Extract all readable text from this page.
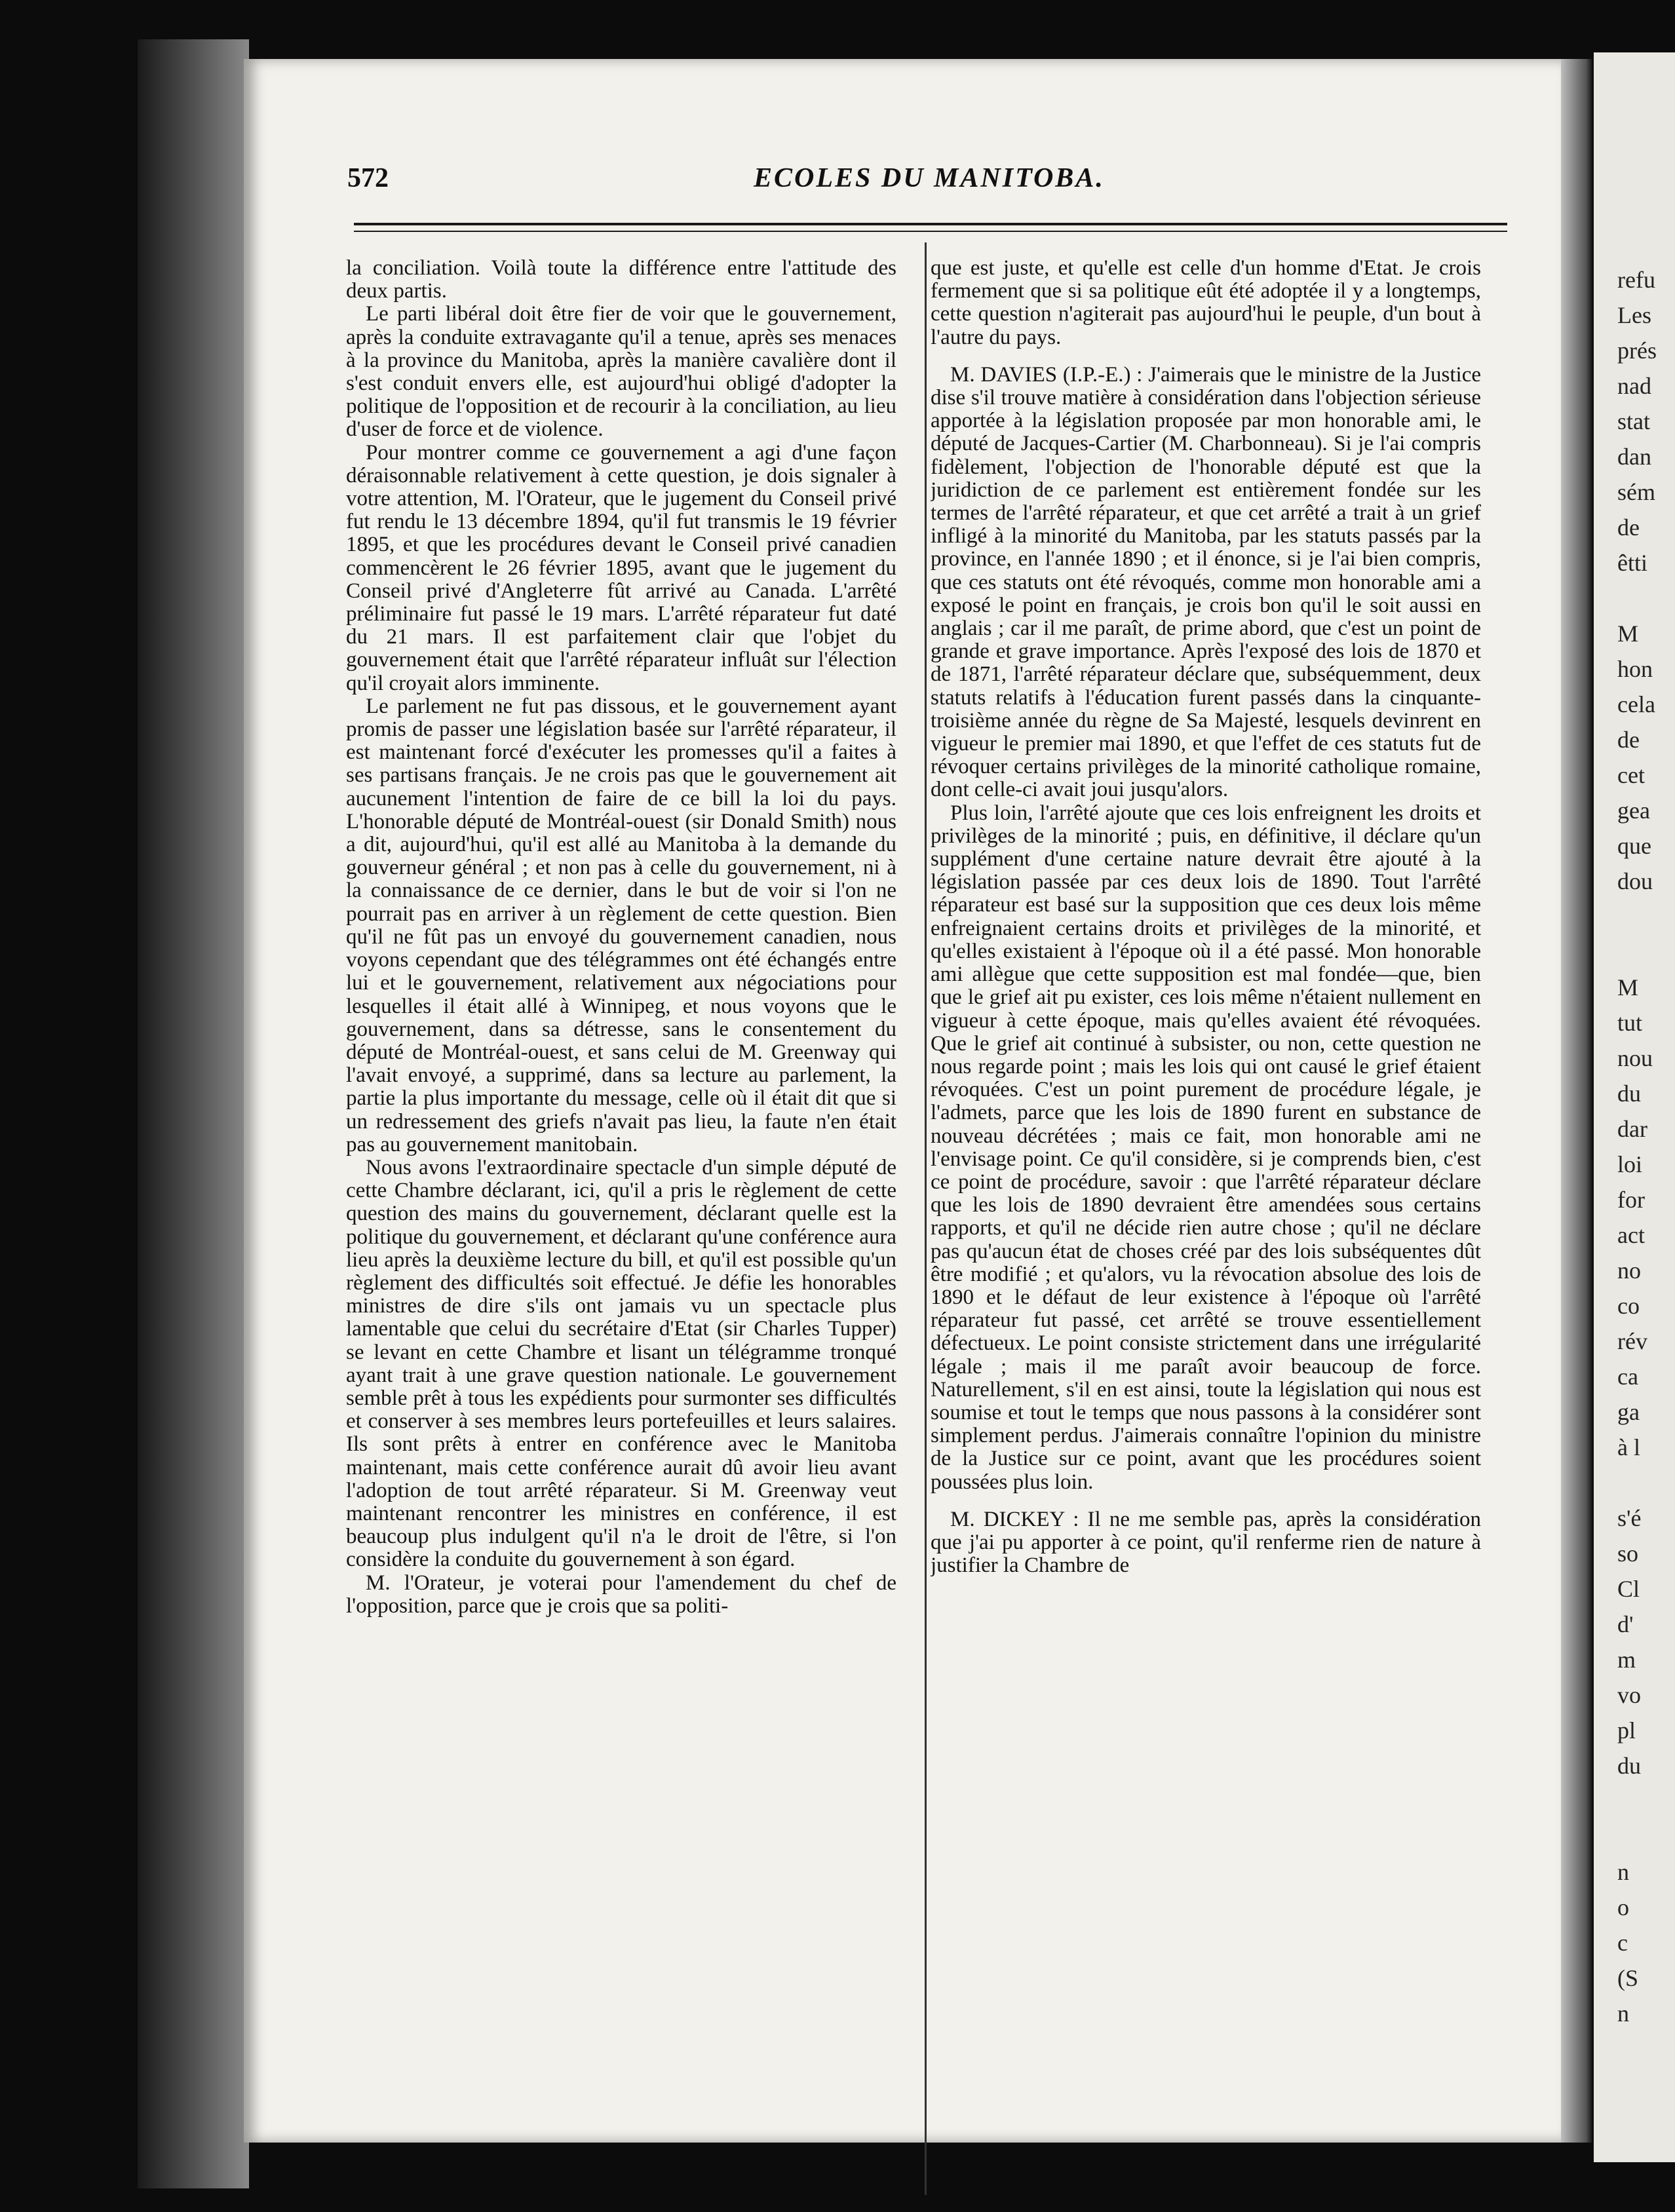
refu
Les
prés
nad
stat
dan
sém
de
êtti

M
hon
cela
de
cet
gea
que
dou

M
tut
nou
du
dar
loi
for
act
no
co
rév
ca
ga
à l

s'é
so
Cl
d'
m
vo
pl
du

n
o
c
(S
n
572	ECOLES DU MANITOBA.

la conciliation. Voilà toute la différence entre l'attitude des deux partis.

Le parti libéral doit être fier de voir que le gouvernement, après la conduite extravagante qu'il a tenue, après ses menaces à la province du Manitoba, après la manière cavalière dont il s'est conduit envers elle, est aujourd'hui obligé d'adopter la politique de l'opposition et de recourir à la conciliation, au lieu d'user de force et de violence.

Pour montrer comme ce gouvernement a agi d'une façon déraisonnable relativement à cette question, je dois signaler à votre attention, M. l'Orateur, que le jugement du Conseil privé fut rendu le 13 décembre 1894, qu'il fut transmis le 19 février 1895, et que les procédures devant le Conseil privé canadien commencèrent le 26 février 1895, avant que le jugement du Conseil privé d'Angleterre fût arrivé au Canada. L'arrêté préliminaire fut passé le 19 mars. L'arrêté réparateur fut daté du 21 mars. Il est parfaitement clair que l'objet du gouvernement était que l'arrêté réparateur influât sur l'élection qu'il croyait alors imminente.

Le parlement ne fut pas dissous, et le gouvernement ayant promis de passer une législation basée sur l'arrêté réparateur, il est maintenant forcé d'exécuter les promesses qu'il a faites à ses partisans français. Je ne crois pas que le gouvernement ait aucunement l'intention de faire de ce bill la loi du pays. L'honorable député de Montréal-ouest (sir Donald Smith) nous a dit, aujourd'hui, qu'il est allé au Manitoba à la demande du gouverneur général ; et non pas à celle du gouvernement, ni à la connaissance de ce dernier, dans le but de voir si l'on ne pourrait pas en arriver à un règlement de cette question. Bien qu'il ne fût pas un envoyé du gouvernement canadien, nous voyons cependant que des télégrammes ont été échangés entre lui et le gouvernement, relativement aux négociations pour lesquelles il était allé à Winnipeg, et nous voyons que le gouvernement, dans sa détresse, sans le consentement du député de Montréal-ouest, et sans celui de M. Greenway qui l'avait envoyé, a supprimé, dans sa lecture au parlement, la partie la plus importante du message, celle où il était dit que si un redressement des griefs n'avait pas lieu, la faute n'en était pas au gouvernement manitobain.

Nous avons l'extraordinaire spectacle d'un simple député de cette Chambre déclarant, ici, qu'il a pris le règlement de cette question des mains du gouvernement, déclarant quelle est la politique du gouvernement, et déclarant qu'une conférence aura lieu après la deuxième lecture du bill, et qu'il est possible qu'un règlement des difficultés soit effectué. Je défie les honorables ministres de dire s'ils ont jamais vu un spectacle plus lamentable que celui du secrétaire d'Etat (sir Charles Tupper) se levant en cette Chambre et lisant un télégramme tronqué ayant trait à une grave question nationale. Le gouvernement semble prêt à tous les expédients pour surmonter ses difficultés et conserver à ses membres leurs portefeuilles et leurs salaires. Ils sont prêts à entrer en conférence avec le Manitoba maintenant, mais cette conférence aurait dû avoir lieu avant l'adoption de tout arrêté réparateur. Si M. Greenway veut maintenant rencontrer les ministres en conférence, il est beaucoup plus indulgent qu'il n'a le droit de l'être, si l'on considère la conduite du gouvernement à son égard.

M. l'Orateur, je voterai pour l'amendement du chef de l'opposition, parce que je crois que sa politi-

que est juste, et qu'elle est celle d'un homme d'Etat. Je crois fermement que si sa politique eût été adoptée il y a longtemps, cette question n'agiterait pas aujourd'hui le peuple, d'un bout à l'autre du pays.

M. DAVIES (I.P.-E.) : J'aimerais que le ministre de la Justice dise s'il trouve matière à considération dans l'objection sérieuse apportée à la législation proposée par mon honorable ami, le député de Jacques-Cartier (M. Charbonneau). Si je l'ai compris fidèlement, l'objection de l'honorable député est que la juridiction de ce parlement est entièrement fondée sur les termes de l'arrêté réparateur, et que cet arrêté a trait à un grief infligé à la minorité du Manitoba, par les statuts passés par la province, en l'année 1890 ; et il énonce, si je l'ai bien compris, que ces statuts ont été révoqués, comme mon honorable ami a exposé le point en français, je crois bon qu'il le soit aussi en anglais ; car il me paraît, de prime abord, que c'est un point de grande et grave importance. Après l'exposé des lois de 1870 et de 1871, l'arrêté réparateur déclare que, subséquemment, deux statuts relatifs à l'éducation furent passés dans la cinquante-troisième année du règne de Sa Majesté, lesquels devinrent en vigueur le premier mai 1890, et que l'effet de ces statuts fut de révoquer certains privilèges de la minorité catholique romaine, dont celle-ci avait joui jusqu'alors.

Plus loin, l'arrêté ajoute que ces lois enfreignent les droits et privilèges de la minorité ; puis, en définitive, il déclare qu'un supplément d'une certaine nature devrait être ajouté à la législation passée par ces deux lois de 1890. Tout l'arrêté réparateur est basé sur la supposition que ces deux lois même enfreignaient certains droits et privilèges de la minorité, et qu'elles existaient à l'époque où il a été passé. Mon honorable ami allègue que cette supposition est mal fondée—que, bien que le grief ait pu exister, ces lois même n'étaient nullement en vigueur à cette époque, mais qu'elles avaient été révoquées. Que le grief ait continué à subsister, ou non, cette question ne nous regarde point ; mais les lois qui ont causé le grief étaient révoquées. C'est un point purement de procédure légale, je l'admets, parce que les lois de 1890 furent en substance de nouveau décrétées ; mais ce fait, mon honorable ami ne l'envisage point. Ce qu'il considère, si je comprends bien, c'est ce point de procédure, savoir : que l'arrêté réparateur déclare que les lois de 1890 devraient être amendées sous certains rapports, et qu'il ne décide rien autre chose ; qu'il ne déclare pas qu'aucun état de choses créé par des lois subséquentes dût être modifié ; et qu'alors, vu la révocation absolue des lois de 1890 et le défaut de leur existence à l'époque où l'arrêté réparateur fut passé, cet arrêté se trouve essentiellement défectueux. Le point consiste strictement dans une irrégularité légale ; mais il me paraît avoir beaucoup de force. Naturellement, s'il en est ainsi, toute la législation qui nous est soumise et tout le temps que nous passons à la considérer sont simplement perdus. J'aimerais connaître l'opinion du ministre de la Justice sur ce point, avant que les procédures soient poussées plus loin.

M. DICKEY : Il ne me semble pas, après la considération que j'ai pu apporter à ce point, qu'il renferme rien de nature à justifier la Chambre de
